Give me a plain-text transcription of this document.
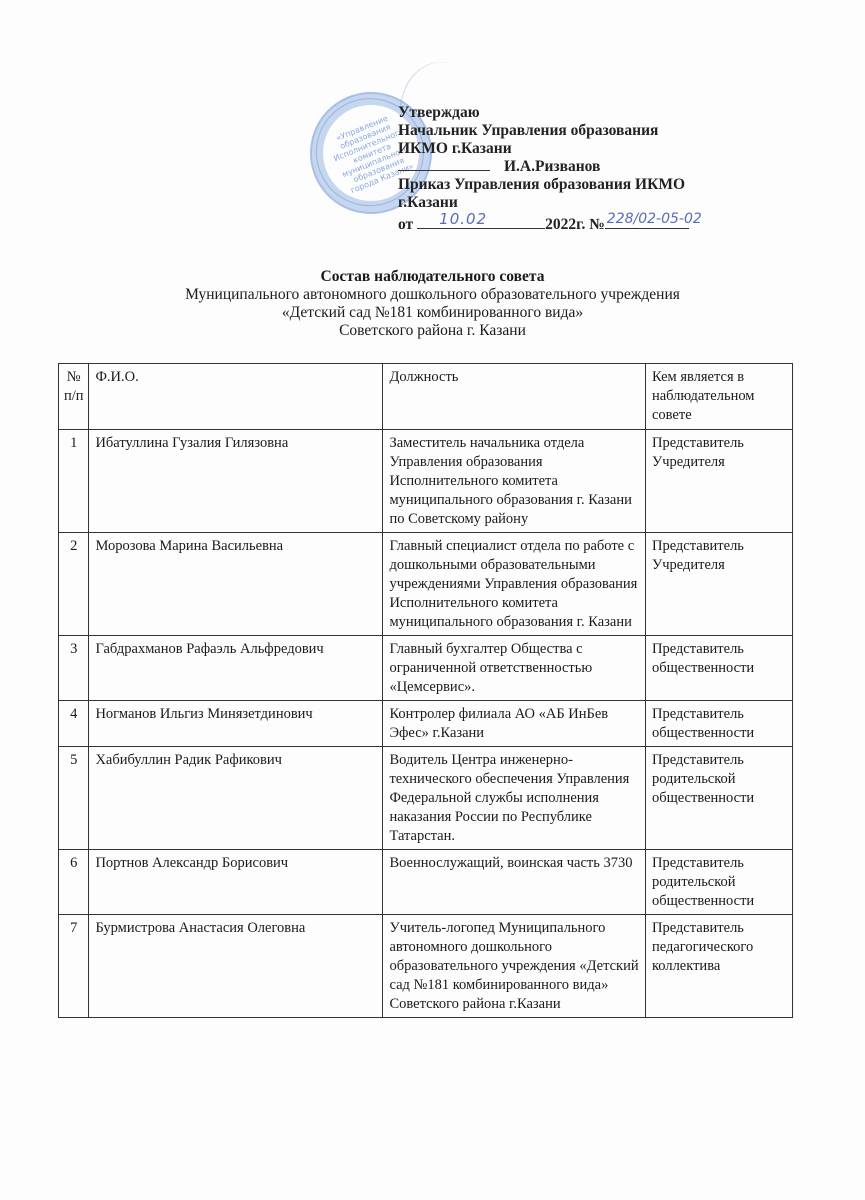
«Управление образования Исполнительного комитета муниципального образования города Казани»
Утверждаю
Начальник Управления образования
ИКМО г.Казани
И.А.Ризванов
Приказ Управления образования ИКМО
г.Казани
от 10.02	2022г. № 228/02-05-02
Состав наблюдательного совета
Муниципального автономного дошкольного образовательного учреждения
«Детский сад №181 комбинированного вида»
Советского района г. Казани
№ п/п	Ф.И.О.	Должность	Кем является в наблюдательном совете
1	Ибатуллина Гузалия Гилязовна	Заместитель начальника отдела Управления образования Исполнительного комитета муниципального образования г. Казани по Советскому району	Представитель Учредителя
2	Морозова Марина Васильевна	Главный специалист отдела по работе с дошкольными образовательными учреждениями Управления образования Исполнительного комитета муниципального образования г. Казани	Представитель Учредителя
3	Габдрахманов Рафаэль Альфредович	Главный бухгалтер Общества с ограниченной ответственностью «Цемсервис».	Представитель общественности
4	Ногманов Ильгиз Минязетдинович	Контролер филиала АО «АБ ИнБев Эфес» г.Казани	Представитель общественности
5	Хабибуллин Радик Рафикович	Водитель Центра инженерно-технического обеспечения Управления Федеральной службы исполнения наказания России по Республике Татарстан.	Представитель родительской общественности
6	Портнов Александр Борисович	Военнослужащий, воинская часть 3730	Представитель родительской общественности
7	Бурмистрова Анастасия Олеговна	Учитель-логопед Муниципального автономного дошкольного образовательного учреждения «Детский сад №181 комбинированного вида» Советского района г.Казани	Представитель педагогического коллектива
